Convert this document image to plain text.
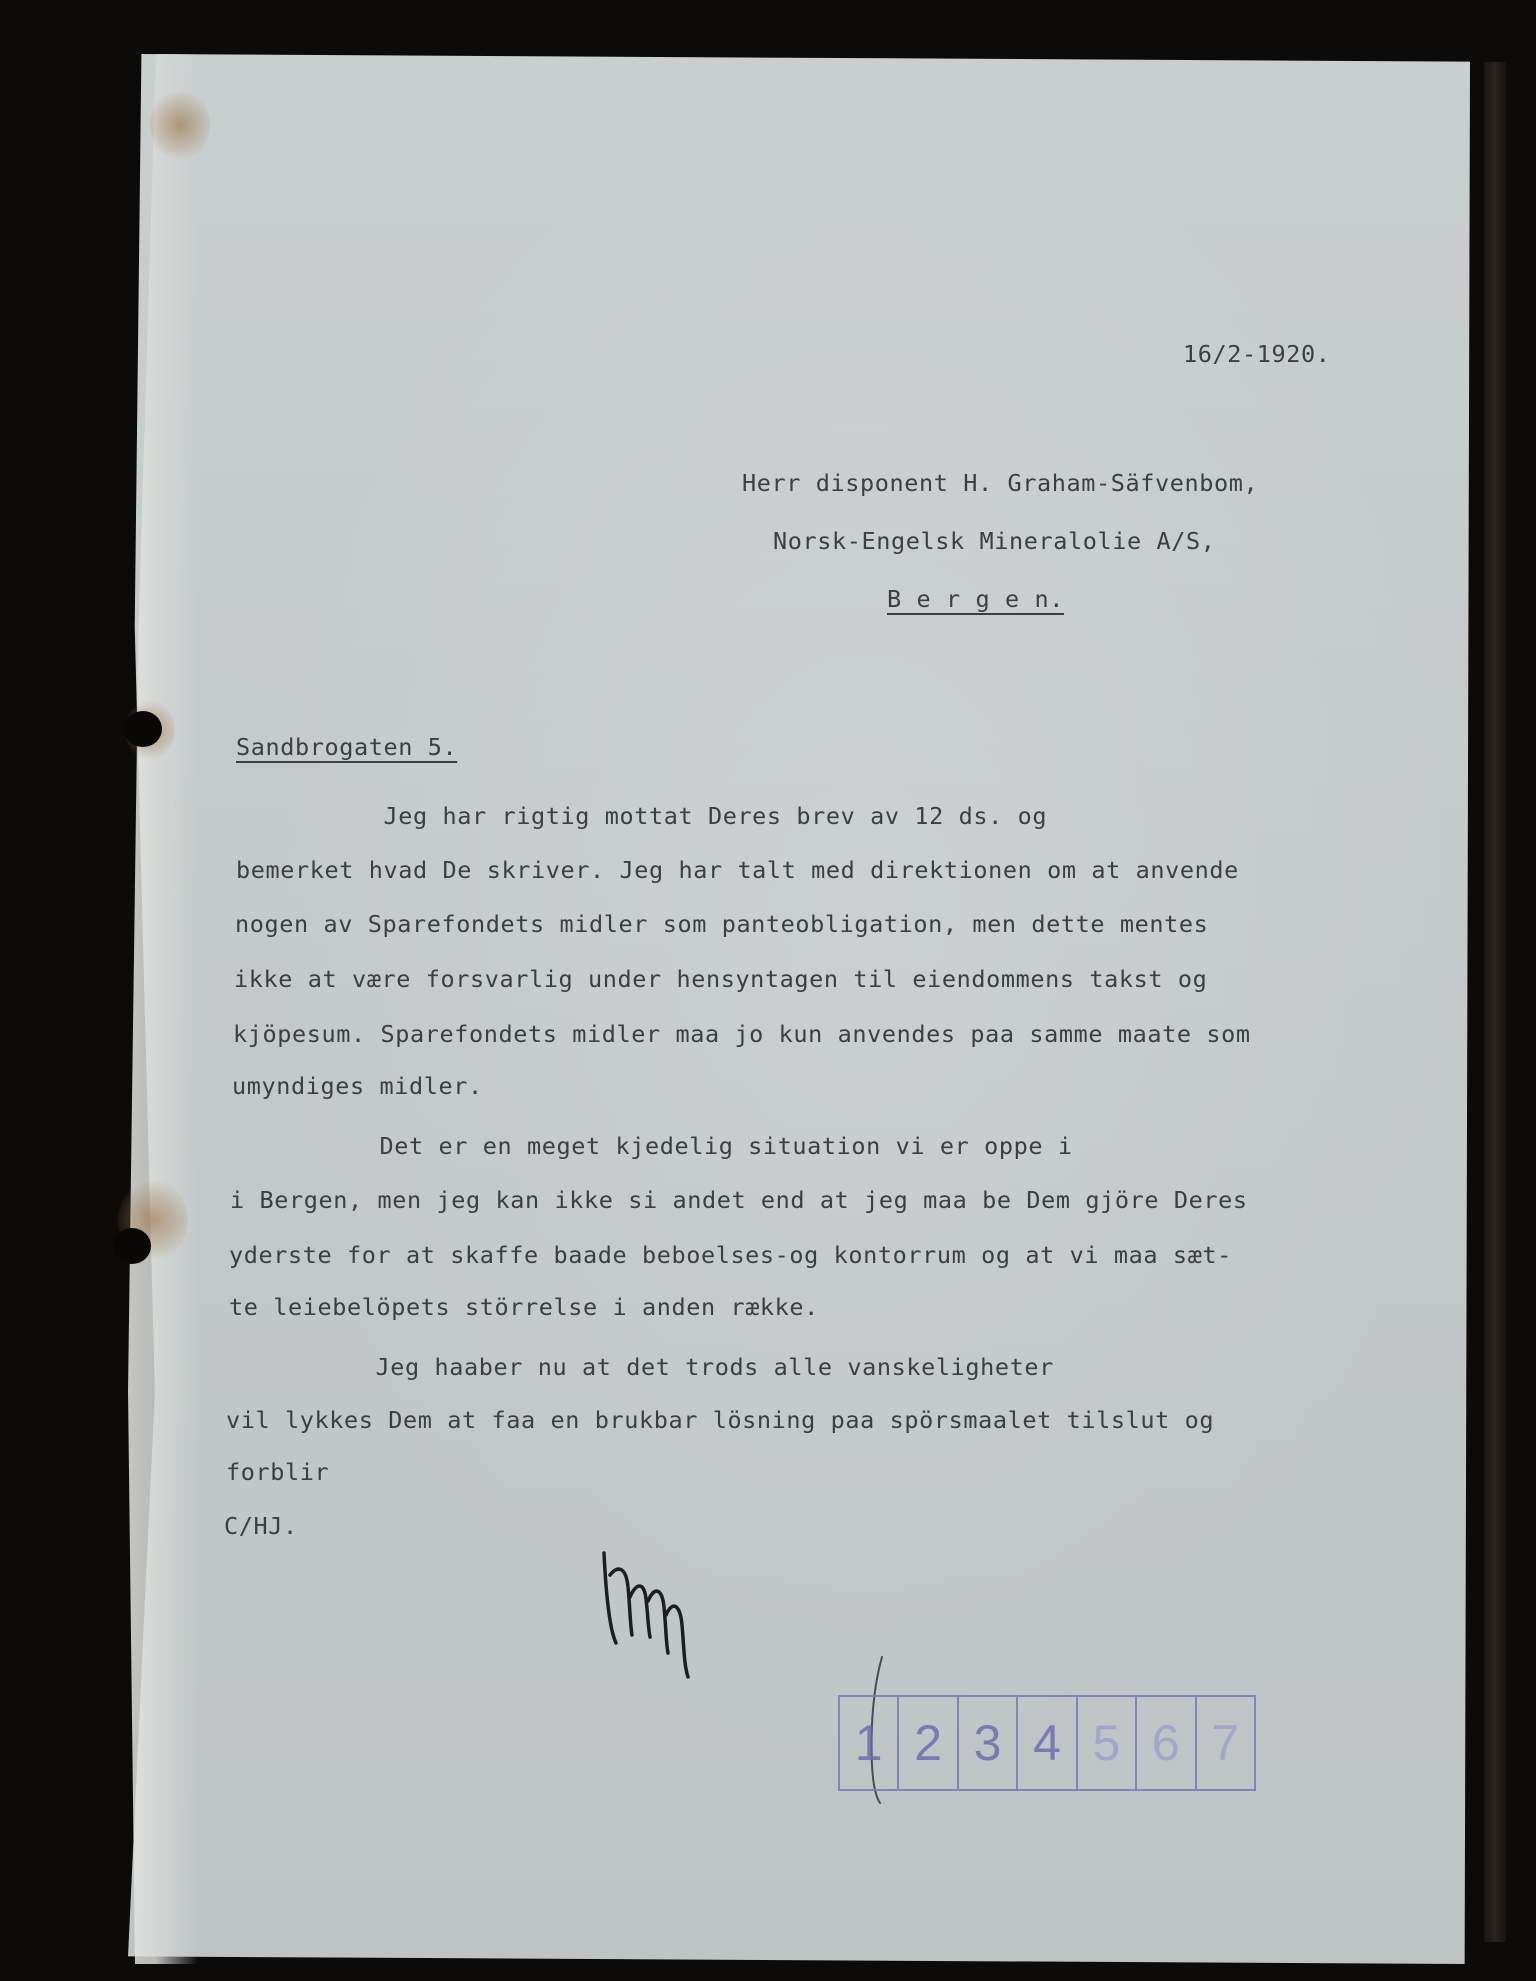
16/2-1920.

Herr disponent H. Graham-Säfvenbom,

Norsk-Engelsk Mineralolie A/S,

B e r g e n.

Sandbrogaten 5.

Jeg har rigtig mottat Deres brev av 12 ds. og

bemerket hvad De skriver. Jeg har talt med direktionen om at anvende

nogen av Sparefondets midler som panteobligation, men dette mentes

ikke at være forsvarlig under hensyntagen til eiendommens takst og

kjöpesum. Sparefondets midler maa jo kun anvendes paa samme maate som

umyndiges midler.

Det er en meget kjedelig situation vi er oppe i

i Bergen, men jeg kan ikke si andet end at jeg maa be Dem gjöre Deres

yderste for at skaffe baade beboelses-og kontorrum og at vi maa sæt-

te leiebelöpets störrelse i anden række.

Jeg haaber nu at det trods alle vanskeligheter

vil lykkes Dem at faa en brukbar lösning paa spörsmaalet tilslut og

forblir

C/HJ.

1 2 3 4 5 6 7
